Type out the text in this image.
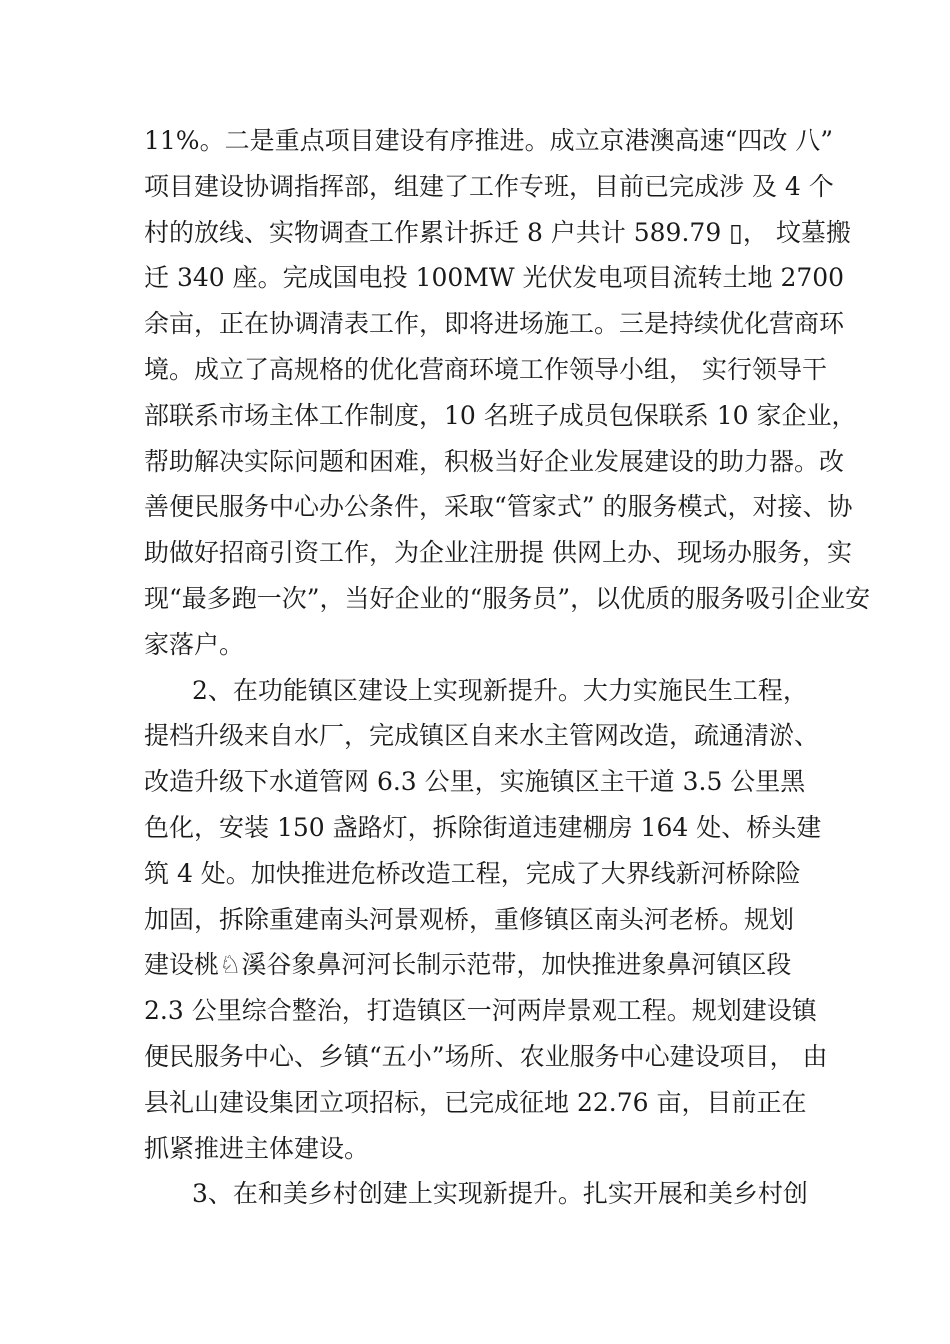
11%。二是重点项目建设有序推进。成立京港澳高速“四改 八”
项目建设协调指挥部，组建了工作专班，目前已完成涉 及 4 个
村的放线、实物调查工作累计拆迁 8 户共计 589.79 ▯， 坟墓搬
迁 340 座。完成国电投 100MW 光伏发电项目流转土地 2700
余亩，正在协调清表工作，即将进场施工。三是持续优化营商环
境。成立了高规格的优化营商环境工作领导小组， 实行领导干
部联系市场主体工作制度，10 名班子成员包保联系 10 家企业，
帮助解决实际问题和困难，积极当好企业发展建设的助力器。改
善便民服务中心办公条件，采取“管家式” 的服务模式，对接、协
助做好招商引资工作，为企业注册提 供网上办、现场办服务，实
现“最多跑一次”，当好企业的“服务员”，以优质的服务吸引企业安
家落户。
2、在功能镇区建设上实现新提升。大力实施民生工程，
提档升级来自水厂，完成镇区自来水主管网改造，疏通清淤、
改造升级下水道管网 6.3 公里，实施镇区主干道 3.5 公里黑
色化，安装 150 盏路灯，拆除街道违建棚房 164 处、桥头建
筑 4 处。加快推进危桥改造工程，完成了大界线新河桥除险
加固，拆除重建南头河景观桥，重修镇区南头河老桥。规划
建设桃♘溪谷象鼻河河长制示范带，加快推进象鼻河镇区段
2.3 公里综合整治，打造镇区一河两岸景观工程。规划建设镇
便民服务中心、乡镇“五小”场所、农业服务中心建设项目， 由
县礼山建设集团立项招标，已完成征地 22.76 亩，目前正在
抓紧推进主体建设。
3、在和美乡村创建上实现新提升。扎实开展和美乡村创
